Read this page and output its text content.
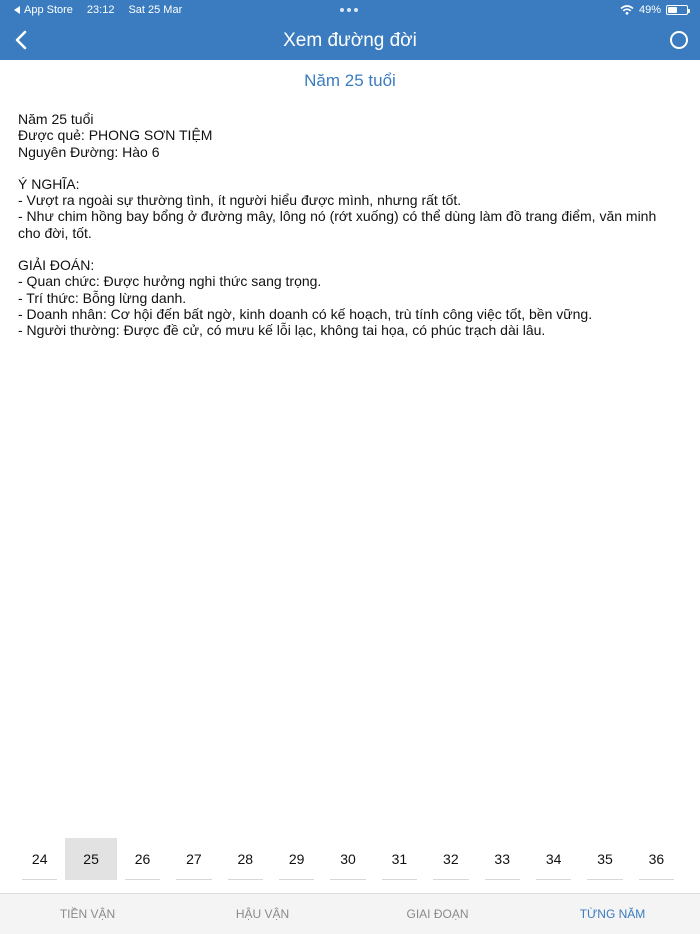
App Store 23:12 Sat 25 Mar	49%
Xem đường đời
Năm 25 tuổi

Năm 25 tuổi

Được quẻ: PHONG SƠN TIỆM

Nguyên Đường: Hào 6

Ý NGHĨA:

- Vượt ra ngoài sự thường tình, ít người hiểu được mình, nhưng rất tốt.

- Như chim hồng bay bổng ở đường mây, lông nó (rớt xuống) có thể dùng làm đồ trang điểm, văn minh cho đời, tốt.

GIẢI ĐOÁN:

- Quan chức: Được hưởng nghi thức sang trọng.

- Trí thức: Bỗng lừng danh.

- Doanh nhân: Cơ hội đến bất ngờ, kinh doanh có kế hoạch, trù tính công việc tốt, bền vững.

- Người thường: Được đề cử, có mưu kế lỗi lạc, không tai họa, có phúc trạch dài lâu.

24	25	26	27	28	29	30	31	32	33	34	35	36
TIỀN VẬN	HẬU VẬN	GIAI ĐOẠN	TỪNG NĂM
